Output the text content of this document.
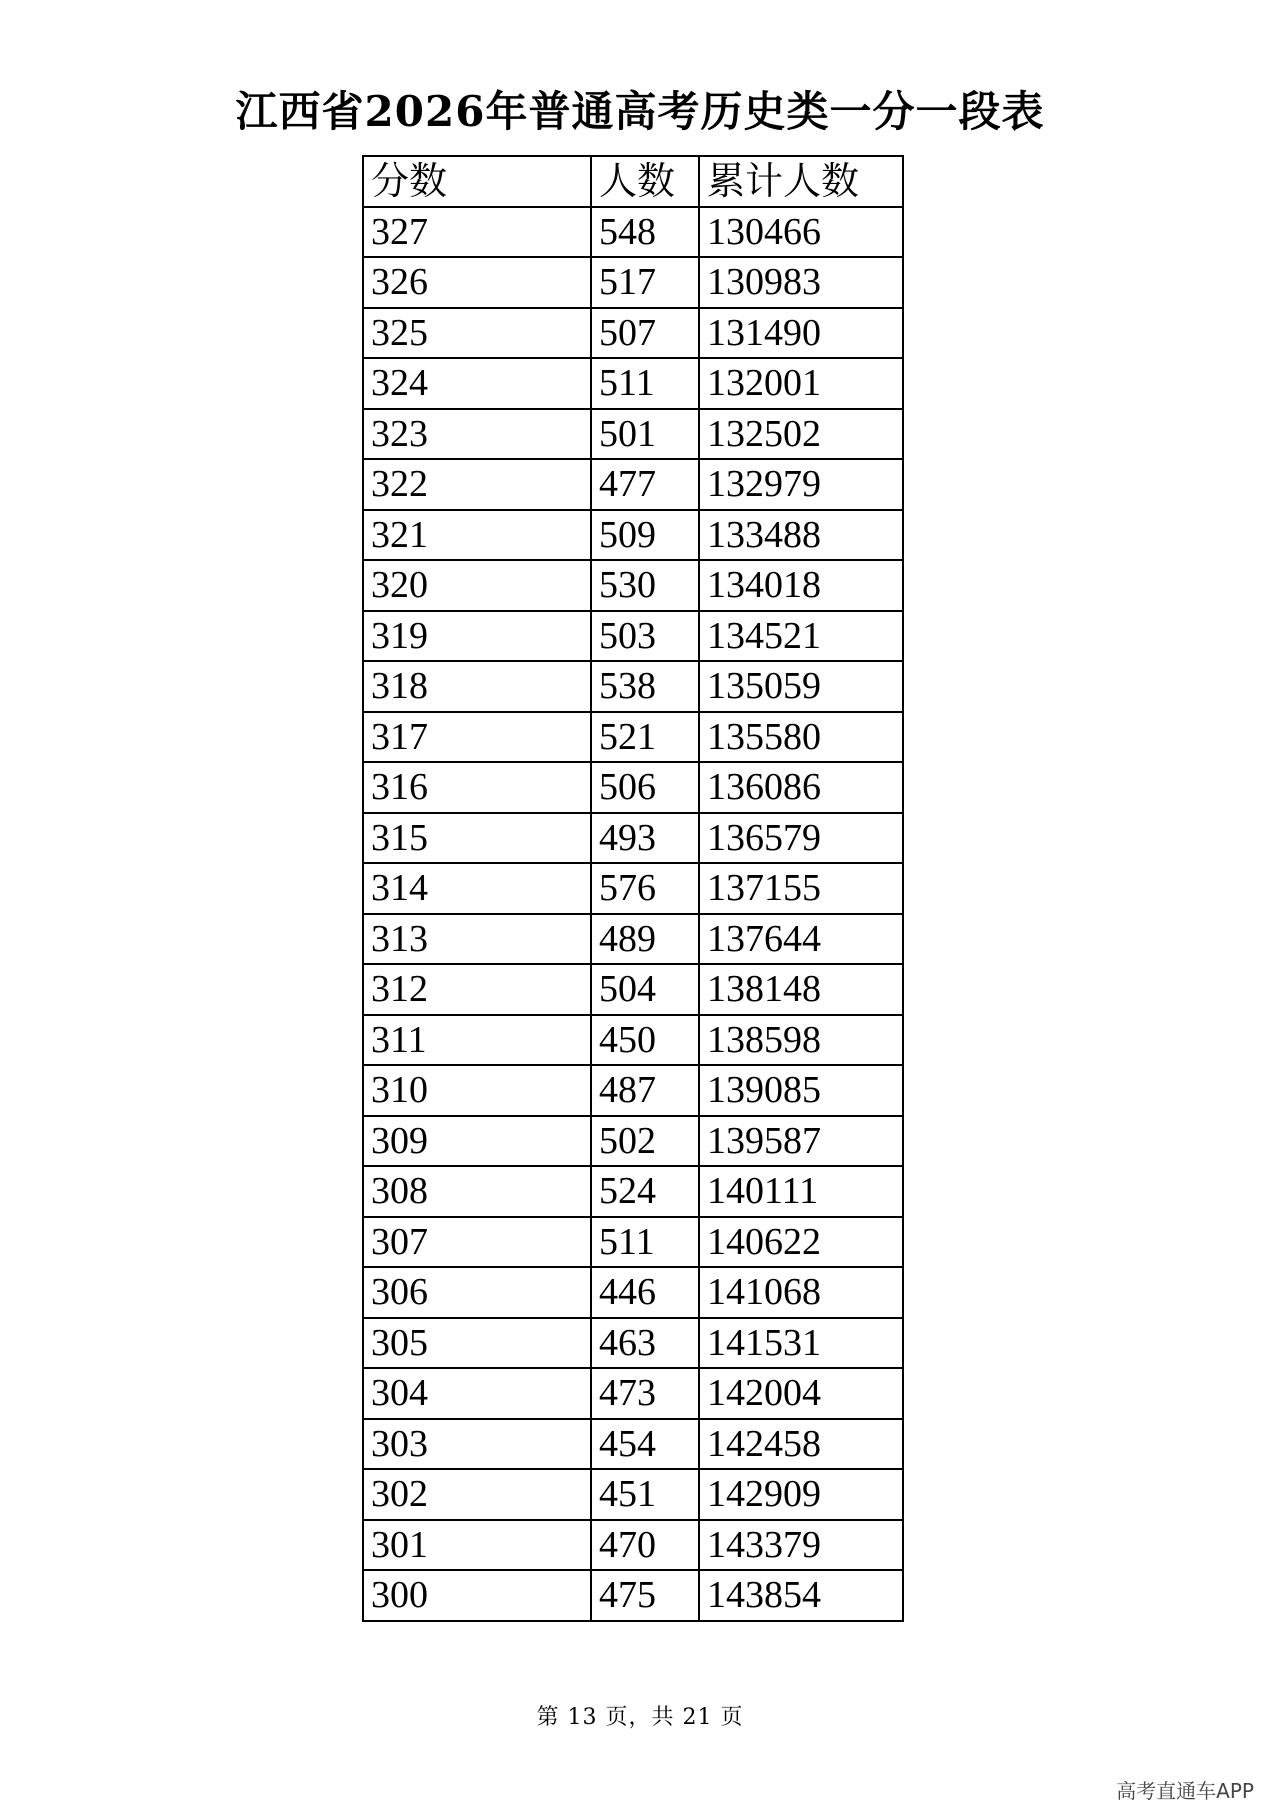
江西省2026年普通高考历史类一分一段表
分数	人数	累计人数
327	548	130466
326	517	130983
325	507	131490
324	511	132001
323	501	132502
322	477	132979
321	509	133488
320	530	134018
319	503	134521
318	538	135059
317	521	135580
316	506	136086
315	493	136579
314	576	137155
313	489	137644
312	504	138148
311	450	138598
310	487	139085
309	502	139587
308	524	140111
307	511	140622
306	446	141068
305	463	141531
304	473	142004
303	454	142458
302	451	142909
301	470	143379
300	475	143854
第 13 页，共 21 页
高考直通车APP
